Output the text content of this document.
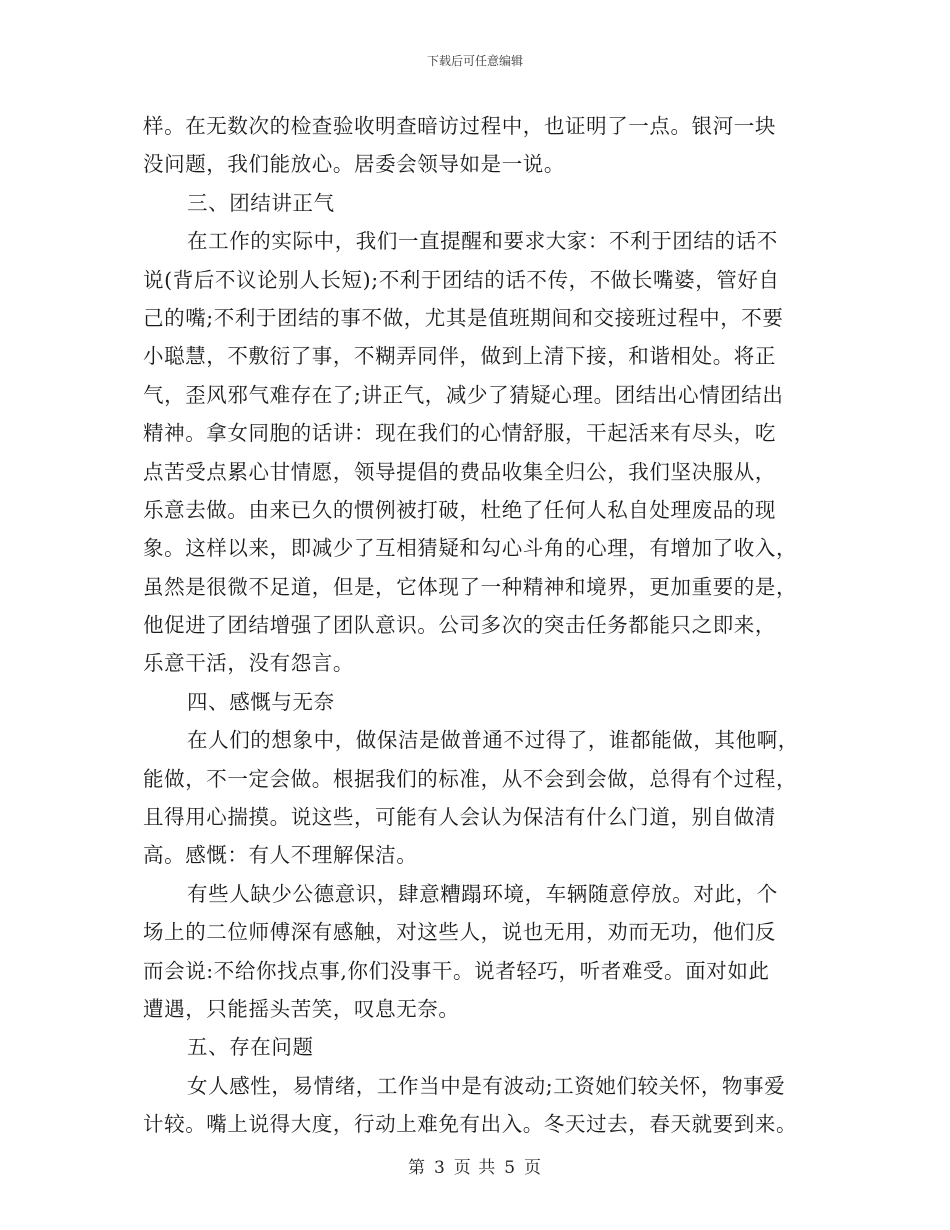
下载后可任意编辑
样。在无数次的检查验收明查暗访过程中，也证明了一点。银河一块
没问题，我们能放心。居委会领导如是一说。
三、团结讲正气
在工作的实际中，我们一直提醒和要求大家：不利于团结的话不
说(背后不议论别人长短);不利于团结的话不传，不做长嘴婆，管好自
己的嘴;不利于团结的事不做，尤其是值班期间和交接班过程中，不要
小聪慧，不敷衍了事，不糊弄同伴，做到上清下接，和谐相处。将正
气，歪风邪气难存在了;讲正气，减少了猜疑心理。团结出心情团结出
精神。拿女同胞的话讲：现在我们的心情舒服，干起活来有尽头，吃
点苦受点累心甘情愿，领导提倡的费品收集全归公，我们坚决服从，
乐意去做。由来已久的惯例被打破，杜绝了任何人私自处理废品的现
象。这样以来，即减少了互相猜疑和勾心斗角的心理，有增加了收入，
虽然是很微不足道，但是，它体现了一种精神和境界，更加重要的是，
他促进了团结增强了团队意识。公司多次的突击任务都能只之即来，
乐意干活，没有怨言。
四、感慨与无奈
在人们的想象中，做保洁是做普通不过得了，谁都能做，其他啊，
能做，不一定会做。根据我们的标准，从不会到会做，总得有个过程，
且得用心揣摸。说这些，可能有人会认为保洁有什么门道，别自做清
高。感慨：有人不理解保洁。
有些人缺少公德意识，肆意糟蹋环境，车辆随意停放。对此，个
场上的二位师傅深有感触，对这些人，说也无用，劝而无功，他们反
而会说:不给你找点事,你们没事干。说者轻巧，听者难受。面对如此
遭遇，只能摇头苦笑，叹息无奈。
五、存在问题
女人感性，易情绪，工作当中是有波动;工资她们较关怀，物事爱
计较。嘴上说得大度，行动上难免有出入。冬天过去，春天就要到来。
第 3 页 共 5 页
